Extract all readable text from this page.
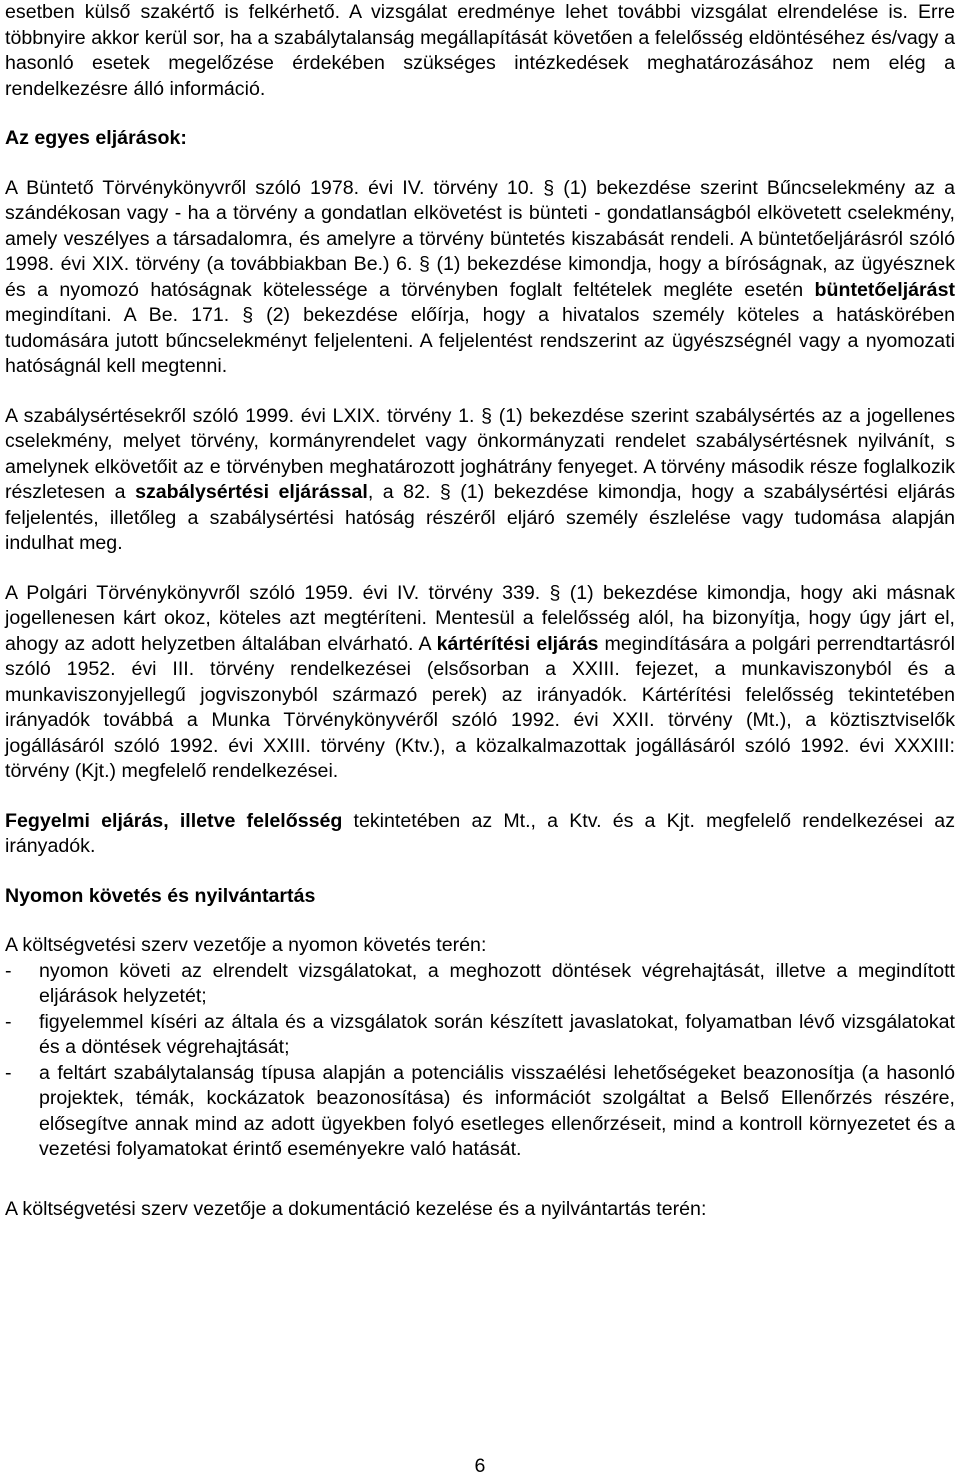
esetben külső szakértő is felkérhető. A vizsgálat eredménye lehet további vizsgálat elrendelése is. Erre többnyire akkor kerül sor, ha a szabálytalanság megállapítását követően a felelősség eldöntéséhez és/vagy a hasonló esetek megelőzése érdekében szükséges intézkedések meghatározásához nem elég a rendelkezésre álló információ.

Az egyes eljárások:

A Büntető Törvénykönyvről szóló 1978. évi IV. törvény 10. § (1) bekezdése szerint Bűncselekmény az a szándékosan vagy - ha a törvény a gondatlan elkövetést is bünteti - gondatlanságból elkövetett cselekmény, amely veszélyes a társadalomra, és amelyre a törvény büntetés kiszabását rendeli. A büntetőeljárásról szóló 1998. évi XIX. törvény (a továbbiakban Be.) 6. § (1) bekezdése kimondja, hogy a bíróságnak, az ügyésznek és a nyomozó hatóságnak kötelessége a törvényben foglalt feltételek megléte esetén büntetőeljárást megindítani. A Be. 171. § (2) bekezdése előírja, hogy a hivatalos személy köteles a hatáskörében tudomására jutott bűncselekményt feljelenteni. A feljelentést rendszerint az ügyészségnél vagy a nyomozati hatóságnál kell megtenni.

A szabálysértésekről szóló 1999. évi LXIX. törvény 1. § (1) bekezdése szerint szabálysértés az a jogellenes cselekmény, melyet törvény, kormányrendelet vagy önkormányzati rendelet szabálysértésnek nyilvánít, s amelynek elkövetőit az e törvényben meghatározott joghátrány fenyeget. A törvény második része foglalkozik részletesen a szabálysértési eljárással, a 82. § (1) bekezdése kimondja, hogy a szabálysértési eljárás feljelentés, illetőleg a szabálysértési hatóság részéről eljáró személy észlelése vagy tudomása alapján indulhat meg.

A Polgári Törvénykönyvről szóló 1959. évi IV. törvény 339. § (1) bekezdése kimondja, hogy aki másnak jogellenesen kárt okoz, köteles azt megtéríteni. Mentesül a felelősség alól, ha bizonyítja, hogy úgy járt el, ahogy az adott helyzetben általában elvárható. A kártérítési eljárás megindítására a polgári perrendtartásról szóló 1952. évi III. törvény rendelkezései (elsősorban a XXIII. fejezet, a munkaviszonyból és a munkaviszonyjellegű jogviszonyból származó perek) az irányadók. Kártérítési felelősség tekintetében irányadók továbbá a Munka Törvénykönyvéről szóló 1992. évi XXII. törvény (Mt.), a köztisztviselők jogállásáról szóló 1992. évi XXIII. törvény (Ktv.), a közalkalmazottak jogállásáról szóló 1992. évi XXXIII: törvény (Kjt.) megfelelő rendelkezései.

Fegyelmi eljárás, illetve felelősség tekintetében az Mt., a Ktv. és a Kjt. megfelelő rendelkezései az irányadók.

Nyomon követés és nyilvántartás

A költségvetési szerv vezetője a nyomon követés terén:

- nyomon követi az elrendelt vizsgálatokat, a meghozott döntések végrehajtását, illetve a megindított eljárások helyzetét;
- figyelemmel kíséri az általa és a vizsgálatok során készített javaslatokat, folyamatban lévő vizsgálatokat és a döntések végrehajtását;
- a feltárt szabálytalanság típusa alapján a potenciális visszaélési lehetőségeket beazonosítja (a hasonló projektek, témák, kockázatok beazonosítása) és információt szolgáltat a Belső Ellenőrzés részére, elősegítve annak mind az adott ügyekben folyó esetleges ellenőrzéseit, mind a kontroll környezetet és a vezetési folyamatokat érintő eseményekre való hatását.

A költségvetési szerv vezetője a dokumentáció kezelése és a nyilvántartás terén:

6
